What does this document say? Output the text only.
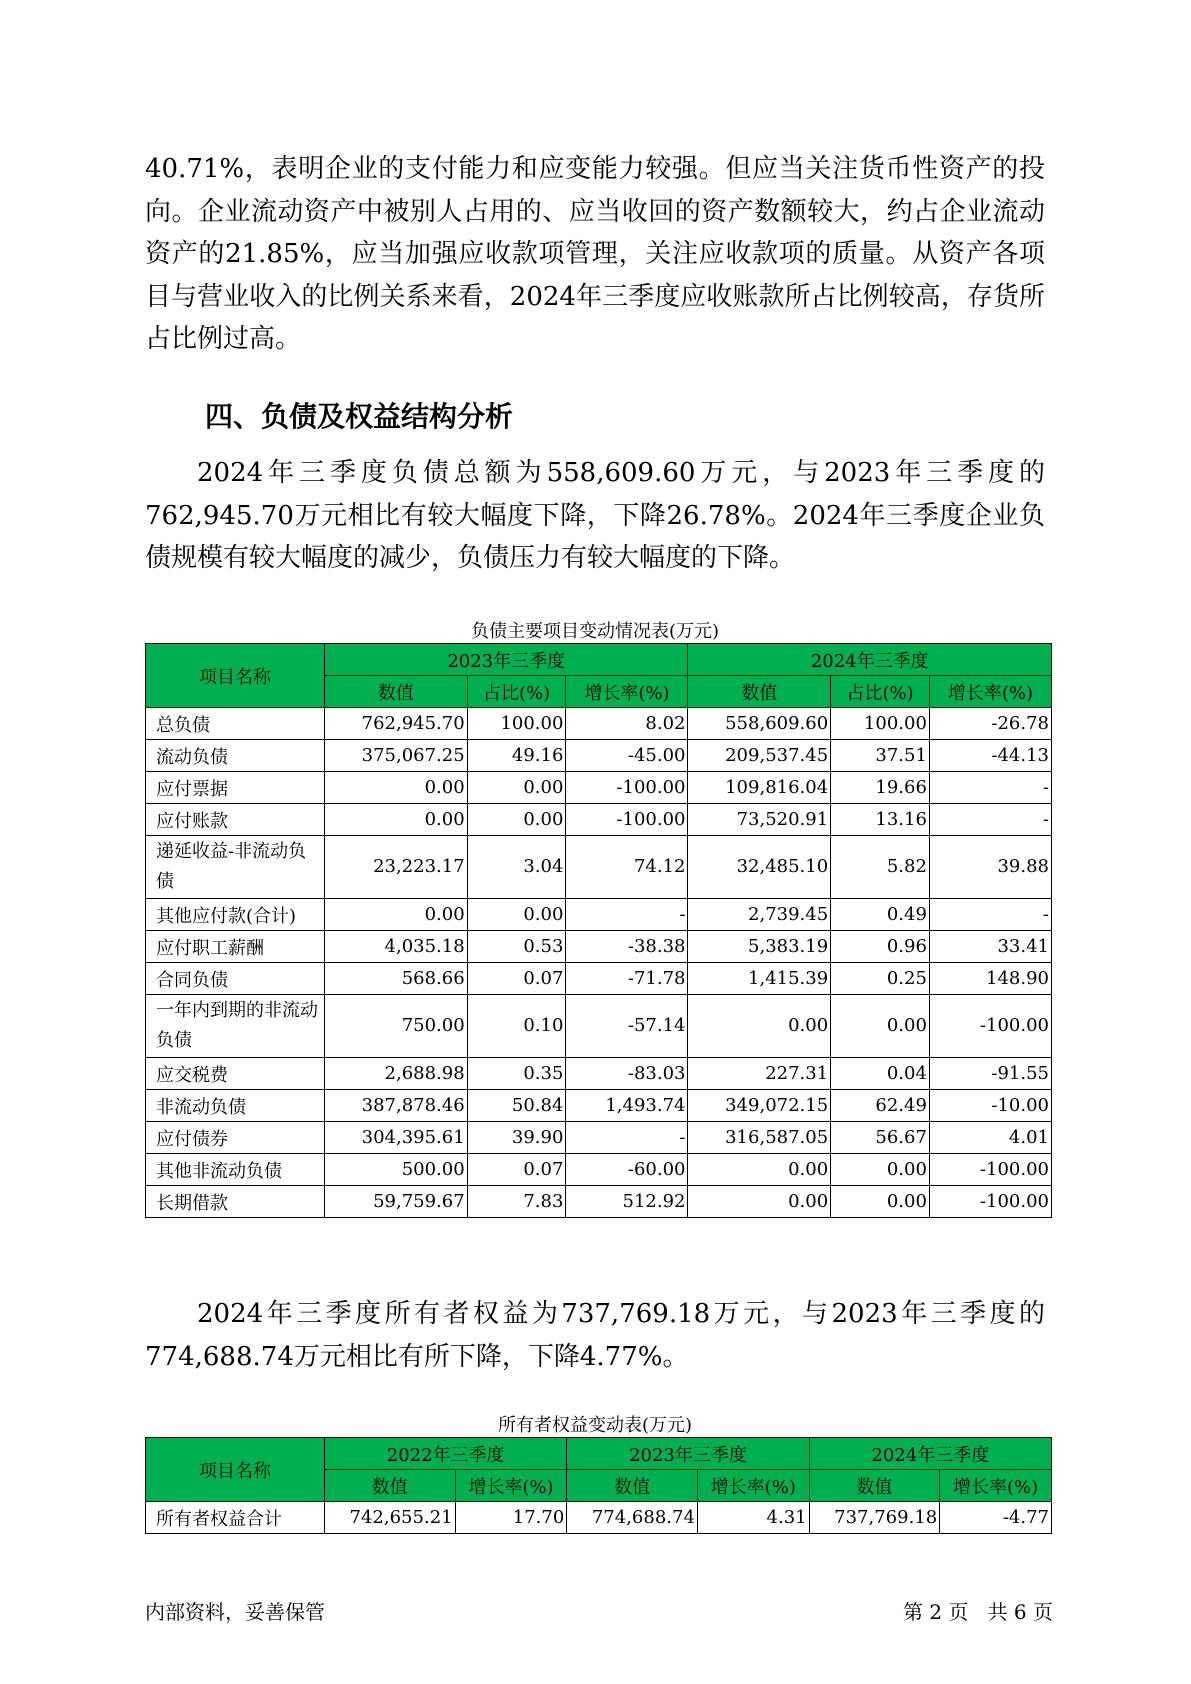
40.71%，表明企业的支付能力和应变能力较强。但应当关注货币性资产的投向。企业流动资产中被别人占用的、应当收回的资产数额较大，约占企业流动资产的21.85%，应当加强应收款项管理，关注应收款项的质量。从资产各项目与营业收入的比例关系来看，2024年三季度应收账款所占比例较高，存货所占比例过高。

四、负债及权益结构分析

2024年三季度负债总额为558,609.60万元，与2023年三季度的762,945.70万元相比有较大幅度下降，下降26.78%。2024年三季度企业负债规模有较大幅度的减少，负债压力有较大幅度的下降。

负债主要项目变动情况表(万元)

项目名称	2023年三季度			2024年三季度		
	数值	占比(%)	增长率(%)	数值	占比(%)	增长率(%)
总负债	762,945.70	100.00	8.02	558,609.60	100.00	-26.78
流动负债	375,067.25	49.16	-45.00	209,537.45	37.51	-44.13
应付票据	0.00	0.00	-100.00	109,816.04	19.66	-
应付账款	0.00	0.00	-100.00	73,520.91	13.16	-
递延收益-非流动负债	23,223.17	3.04	74.12	32,485.10	5.82	39.88
其他应付款(合计)	0.00	0.00	-	2,739.45	0.49	-
应付职工薪酬	4,035.18	0.53	-38.38	5,383.19	0.96	33.41
合同负债	568.66	0.07	-71.78	1,415.39	0.25	148.90
一年内到期的非流动负债	750.00	0.10	-57.14	0.00	0.00	-100.00
应交税费	2,688.98	0.35	-83.03	227.31	0.04	-91.55
非流动负债	387,878.46	50.84	1,493.74	349,072.15	62.49	-10.00
应付债券	304,395.61	39.90	-	316,587.05	56.67	4.01
其他非流动负债	500.00	0.07	-60.00	0.00	0.00	-100.00
长期借款	59,759.67	7.83	512.92	0.00	0.00	-100.00

2024年三季度所有者权益为737,769.18万元，与2023年三季度的774,688.74万元相比有所下降，下降4.77%。

所有者权益变动表(万元)

项目名称	2022年三季度		2023年三季度		2024年三季度	
	数值	增长率(%)	数值	增长率(%)	数值	增长率(%)
所有者权益合计	742,655.21	17.70	774,688.74	4.31	737,769.18	-4.77

内部资料，妥善保管	第 2 页   共 6 页
